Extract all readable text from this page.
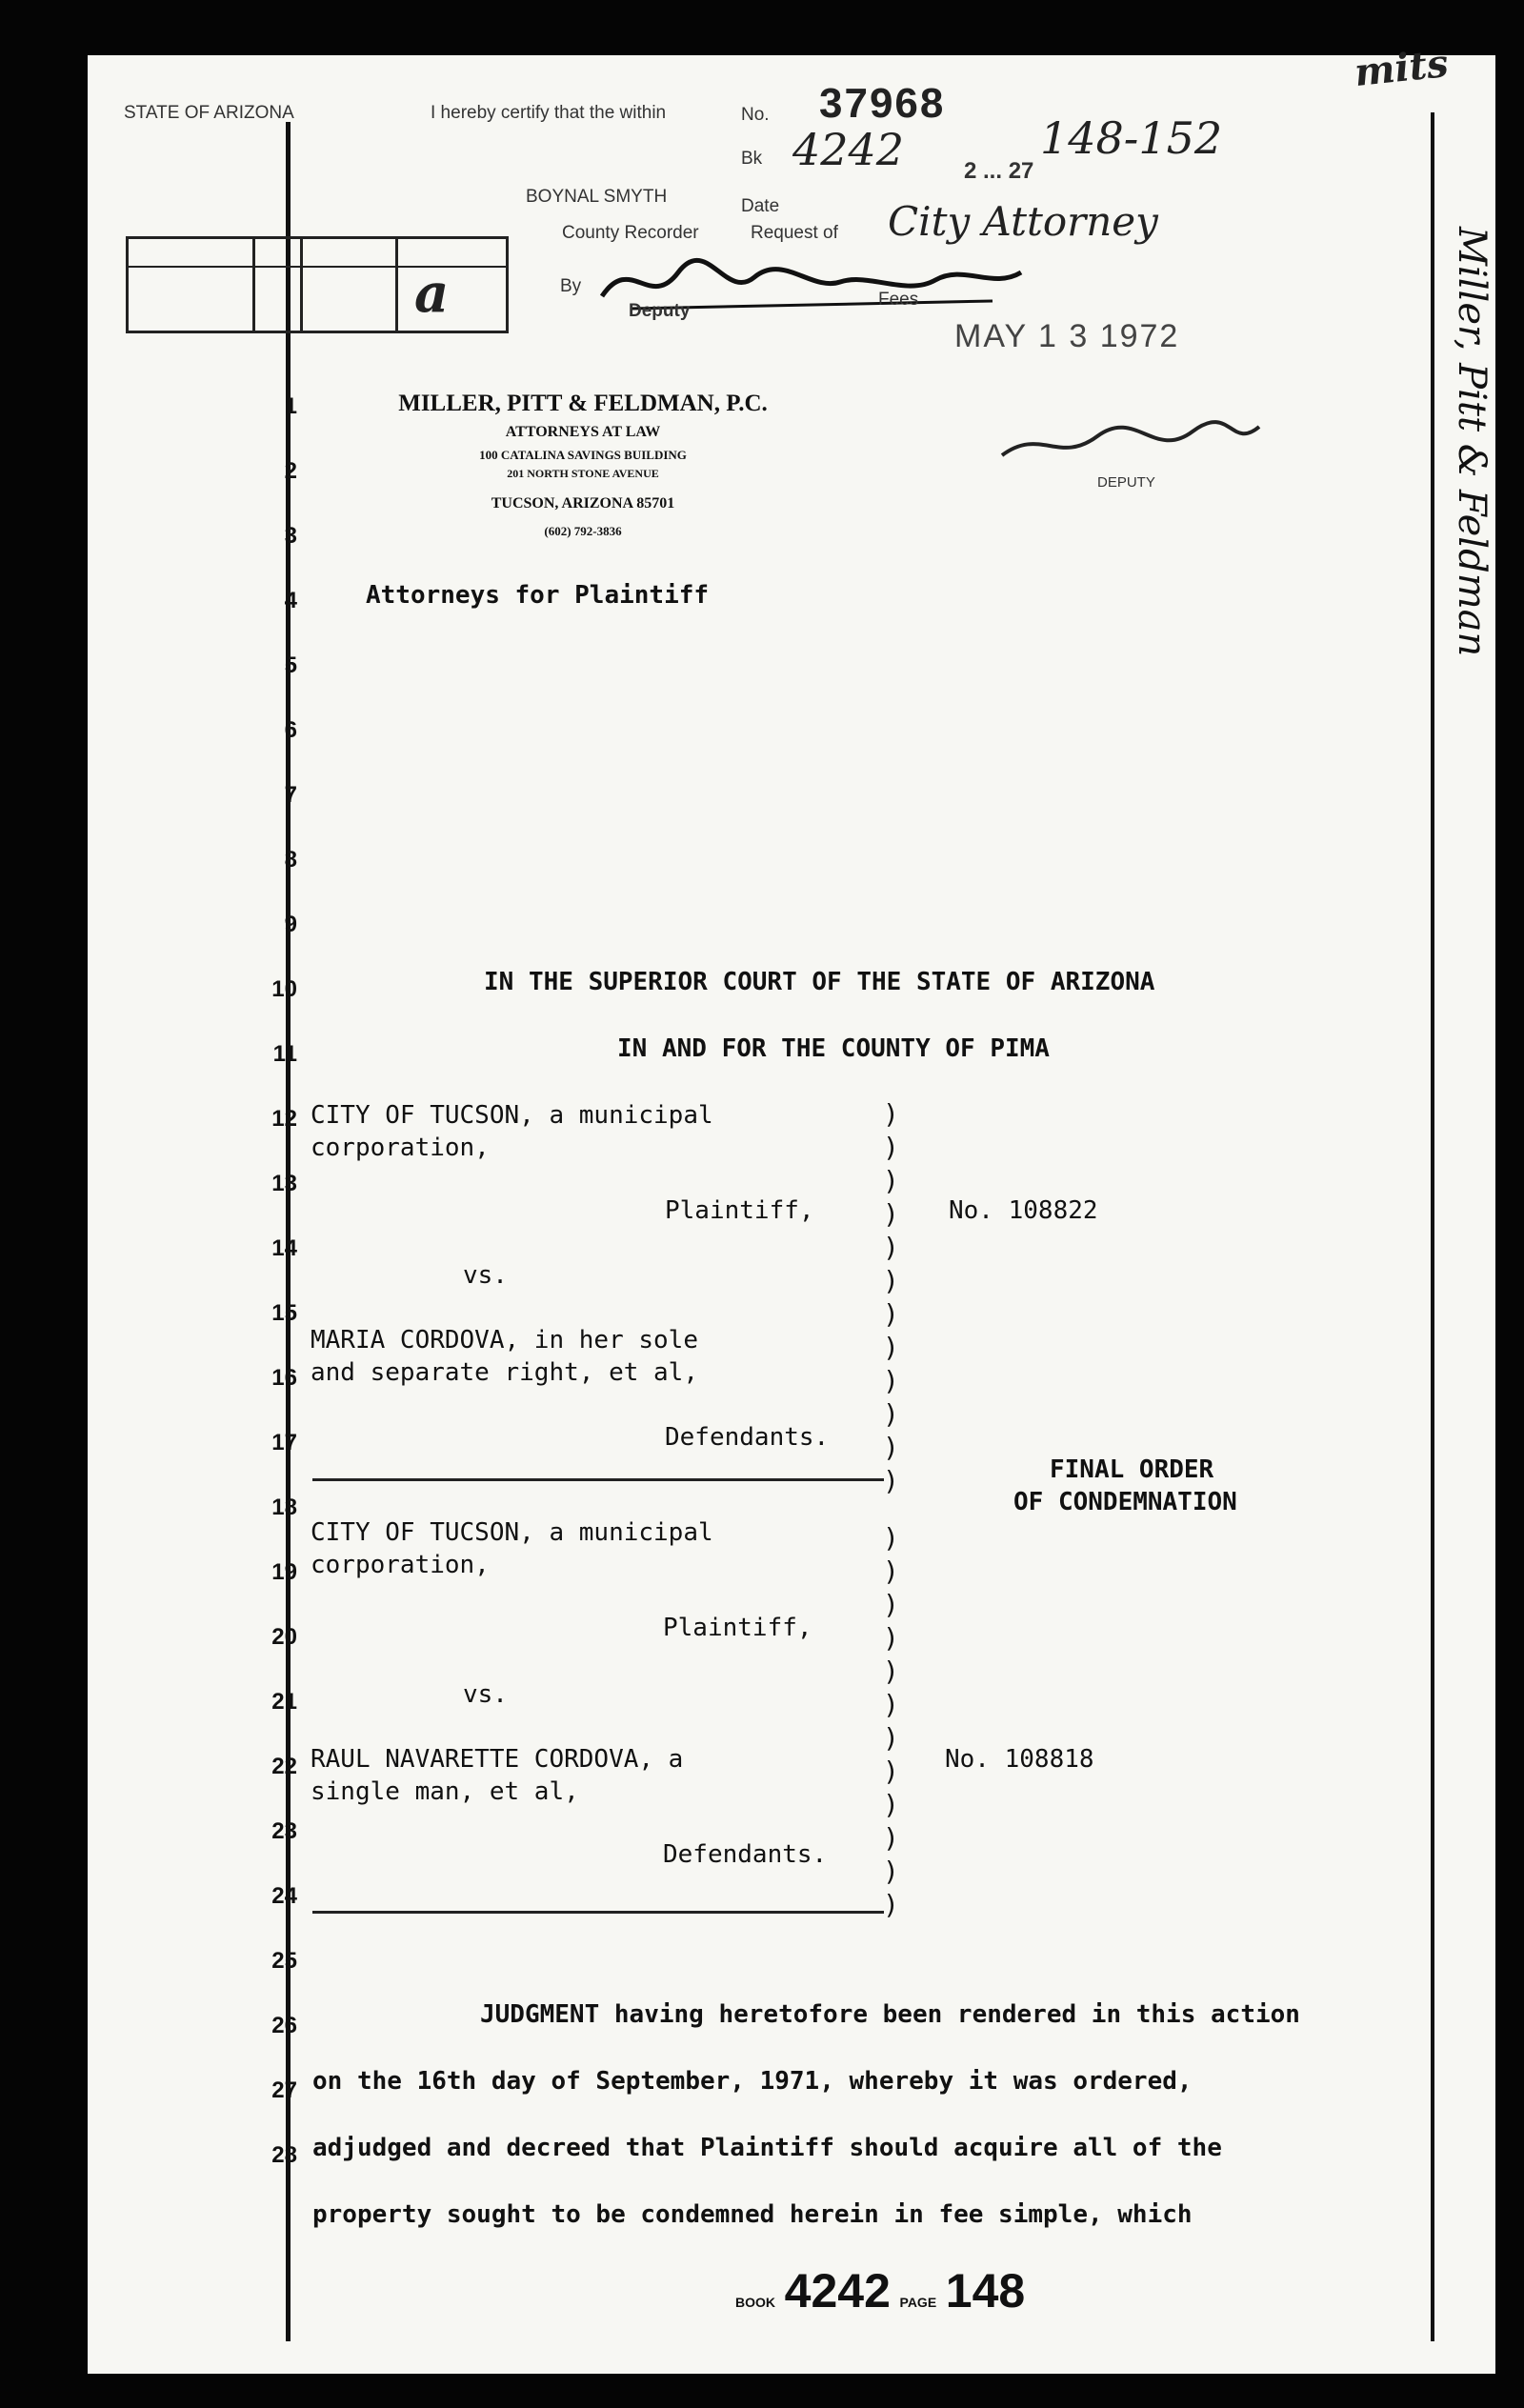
mits
STATE OF ARIZONA	I hereby certify that the within	No. 37968
Bk 4242	148-152
2 ... 27
BOYNAL SMYTH	Date
County Recorder	Request of City Attorney
By
Deputy
Fees
MAY 1 3 1972
DEPUTY
a
MILLER, PITT & FELDMAN, P.C.
ATTORNEYS AT LAW
100 CATALINA SAVINGS BUILDING
201 NORTH STONE AVENUE
TUCSON, ARIZONA 85701
(602) 792-3836
Attorneys for Plaintiff
1
2
3
4
5
6
7
8
9
10
11
12
13
14
15
16
17
18
19
20
21
22
23
24
25
26
27
28
IN THE SUPERIOR COURT OF THE STATE OF ARIZONA
IN AND FOR THE COUNTY OF PIMA
CITY OF TUCSON, a municipal
corporation,
Plaintiff,
vs.
MARIA CORDOVA, in her sole
and separate right, et al,
Defendants.
No. 108822
FINAL ORDER
OF CONDEMNATION
CITY OF TUCSON, a municipal
corporation,
Plaintiff,
vs.
RAUL NAVARETTE CORDOVA, a
single man, et al,
Defendants.
No. 108818
)
)
)
)
)
)
)
)
)
)
)
)
)
)
)
)
)
)
)
)
)
)
)
)
JUDGMENT having heretofore been rendered in this action
on the 16th day of September, 1971, whereby it was ordered,
adjudged and decreed that Plaintiff should acquire all of the
property sought to be condemned herein in fee simple, which
BOOK 4242 PAGE 148
Miller, Pitt & Feldman
